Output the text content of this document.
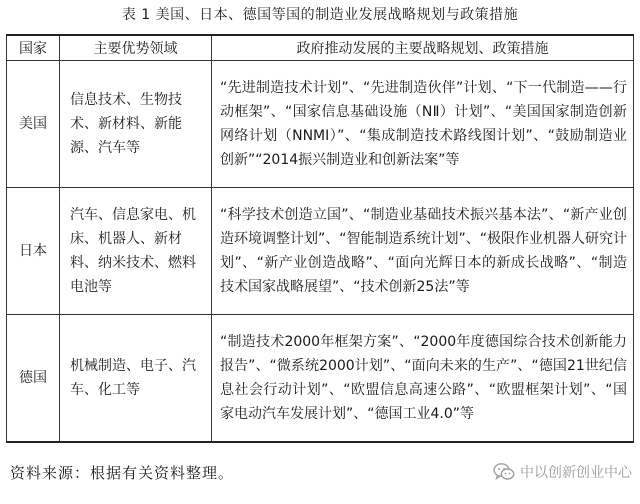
表 1 美国、日本、德国等国的制造业发展战略规划与政策措施
国家	主要优势领域	政府推动发展的主要战略规划、政策措施
美国	信息技术、生物技术、新材料、新能源、汽车等	“先进制造技术计划”、“先进制造伙伴”计划、“下一代制造——行动框架”、“国家信息基础设施（NⅡ）计划”、“美国国家制造创新网络计划（NNMI）”、“集成制造技术路线图计划”、“鼓励制造业创新”“2014振兴制造业和创新法案”等
日本	汽车、信息家电、机床、机器人、新材料、纳米技术、燃料电池等	“科学技术创造立国”、“制造业基础技术振兴基本法”、“新产业创造环境调整计划”、“智能制造系统计划”、“极限作业机器人研究计划”、“新产业创造战略”、“面向光辉日本的新成长战略”、“制造技术国家战略展望”、“技术创新25法”等
德国	机械制造、电子、汽车、化工等	“制造技术2000年框架方案”、“2000年度德国综合技术创新能力报告”、“微系统2000计划”、“面向未来的生产”、“德国21世纪信息社会行动计划”、“欧盟信息高速公路”、“欧盟框架计划”、“国家电动汽车发展计划”、“德国工业4.0”等
资料来源：根据有关资料整理。	中以创新创业中心
